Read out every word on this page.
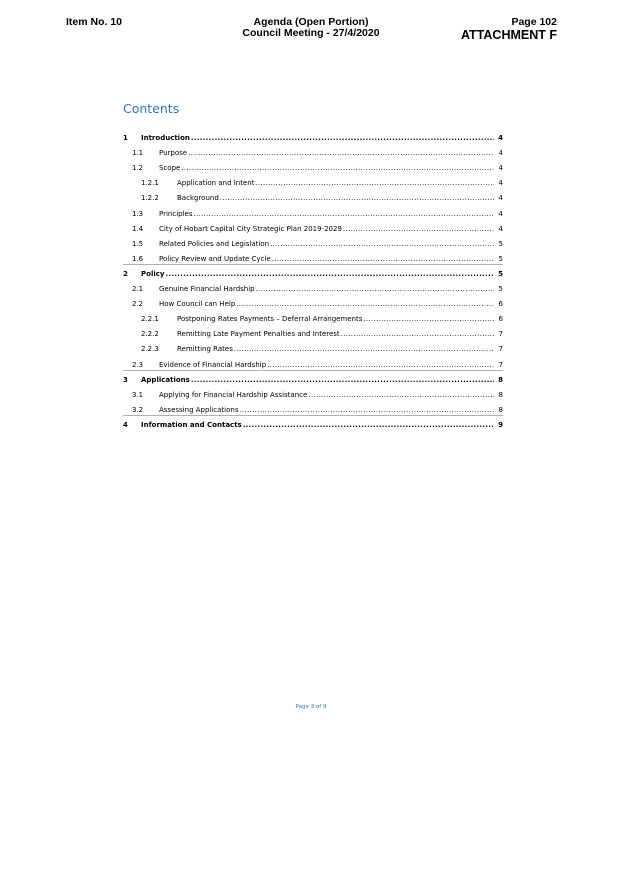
Item No. 10	Agenda (Open Portion)
Council Meeting - 27/4/2020
Page 102
ATTACHMENT F
Contents
1	Introduction .....	4
1.1	Purpose .....	4
1.2	Scope .....	4
1.2.1	Application and Intent .....	4
1.2.2	Background .....	4
1.3	Principles .....	4
1.4	City of Hobart Capital City Strategic Plan 2019-2029 .....	4
1.5	Related Policies and Legislation .....	5
1.6	Policy Review and Update Cycle .....	5
2	Policy .....	5
2.1	Genuine Financial Hardship .....	5
2.2	How Council can Help .....	6
2.2.1	Postponing Rates Payments – Deferral Arrangements .....	6
2.2.2	Remitting Late Payment Penalties and Interest .....	7
2.2.3	Remitting Rates .....	7
2.3	Evidence of Financial Hardship .....	7
3	Applications .....	8
3.1	Applying for Financial Hardship Assistance .....	8
3.2	Assessing Applications .....	8
4	Information and Contacts .....	9
Page 3 of 9
